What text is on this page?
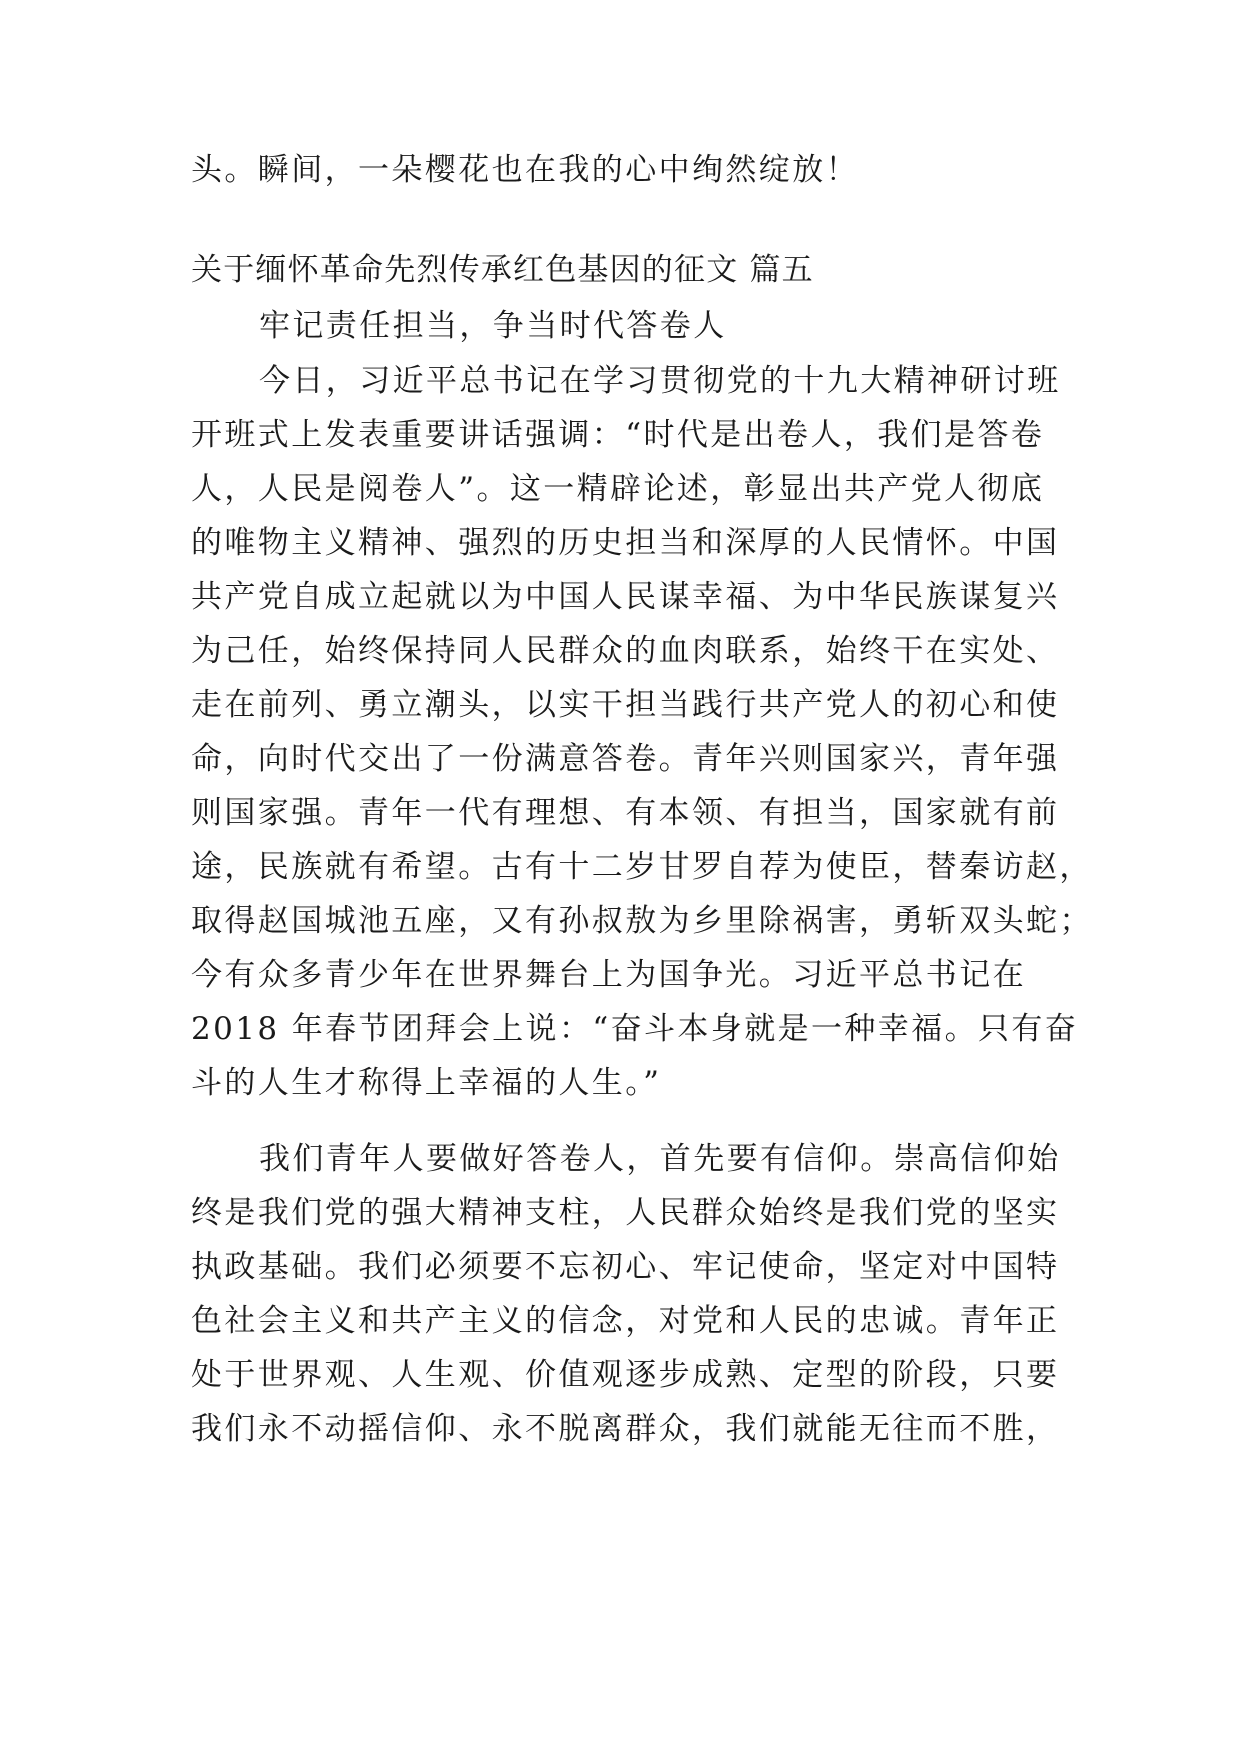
头。瞬间，一朵樱花也在我的心中绚然绽放！
关于缅怀革命先烈传承红色基因的征文 篇五
牢记责任担当，争当时代答卷人
今日，习近平总书记在学习贯彻党的十九大精神研讨班
开班式上发表重要讲话强调：“时代是出卷人，我们是答卷
人，人民是阅卷人”。这一精辟论述，彰显出共产党人彻底
的唯物主义精神、强烈的历史担当和深厚的人民情怀。中国
共产党自成立起就以为中国人民谋幸福、为中华民族谋复兴
为己任，始终保持同人民群众的血肉联系，始终干在实处、
走在前列、勇立潮头，以实干担当践行共产党人的初心和使
命，向时代交出了一份满意答卷。青年兴则国家兴，青年强
则国家强。青年一代有理想、有本领、有担当，国家就有前
途，民族就有希望。古有十二岁甘罗自荐为使臣，替秦访赵，
取得赵国城池五座，又有孙叔敖为乡里除祸害，勇斩双头蛇；
今有众多青少年在世界舞台上为国争光。习近平总书记在
2018 年春节团拜会上说：“奋斗本身就是一种幸福。只有奋
斗的人生才称得上幸福的人生。”
我们青年人要做好答卷人，首先要有信仰。崇高信仰始
终是我们党的强大精神支柱，人民群众始终是我们党的坚实
执政基础。我们必须要不忘初心、牢记使命，坚定对中国特
色社会主义和共产主义的信念，对党和人民的忠诚。青年正
处于世界观、人生观、价值观逐步成熟、定型的阶段，只要
我们永不动摇信仰、永不脱离群众，我们就能无往而不胜，
